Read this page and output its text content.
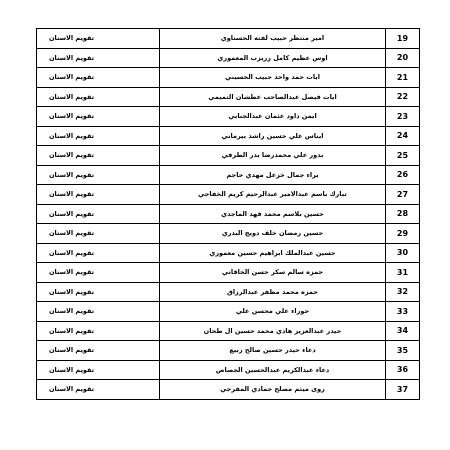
تقويم الاسنان	امير منتظر حبيب لفته الحسناوي	19
تقويم الاسنان	اوس عظيم كامل زريزب المعموري	20
تقويم الاسنان	ايات حمد واحد حبيب الحسيني	21
تقويم الاسنان	ايات فيصل عبدالصاحب عطشان التميمي	22
تقويم الاسنان	ايمن داود عثمان عبدالجنابي	23
تقويم الاسنان	ايناس علي حسين راشد بيرماني	24
تقويم الاسنان	بدور علي محمدرضا بدر الطرفي	25
تقويم الاسنان	براء جمال خزعل مهدي حاجم	26
تقويم الاسنان	تبارك باسم عبدالامير عبدالرحيم كريم الخفاجي	27
تقويم الاسنان	حسين بلاسم محمد فهد الماجدي	28
تقويم الاسنان	حسين رمضان خلف دويج البدري	29
تقويم الاسنان	حسين عبدالملك ابراهيم حسين معموري	30
تقويم الاسنان	حمزه سالم سكر حسن الخاقاني	31
تقويم الاسنان	حمزه محمد مظفر عبدالرزاق	32
تقويم الاسنان	حوراء علي محسن علي	33
تقويم الاسنان	حيدر عبدالعزيز هادي محمد حسين ال طحان	34
تقويم الاسنان	دعاء حيدر حسين صالح ربيع	35
تقويم الاسنان	دعاء عبدالكريم عبدالحسين الجصاص	36
تقويم الاسنان	روى ميثم مصلح حمادي المفرجي	37
